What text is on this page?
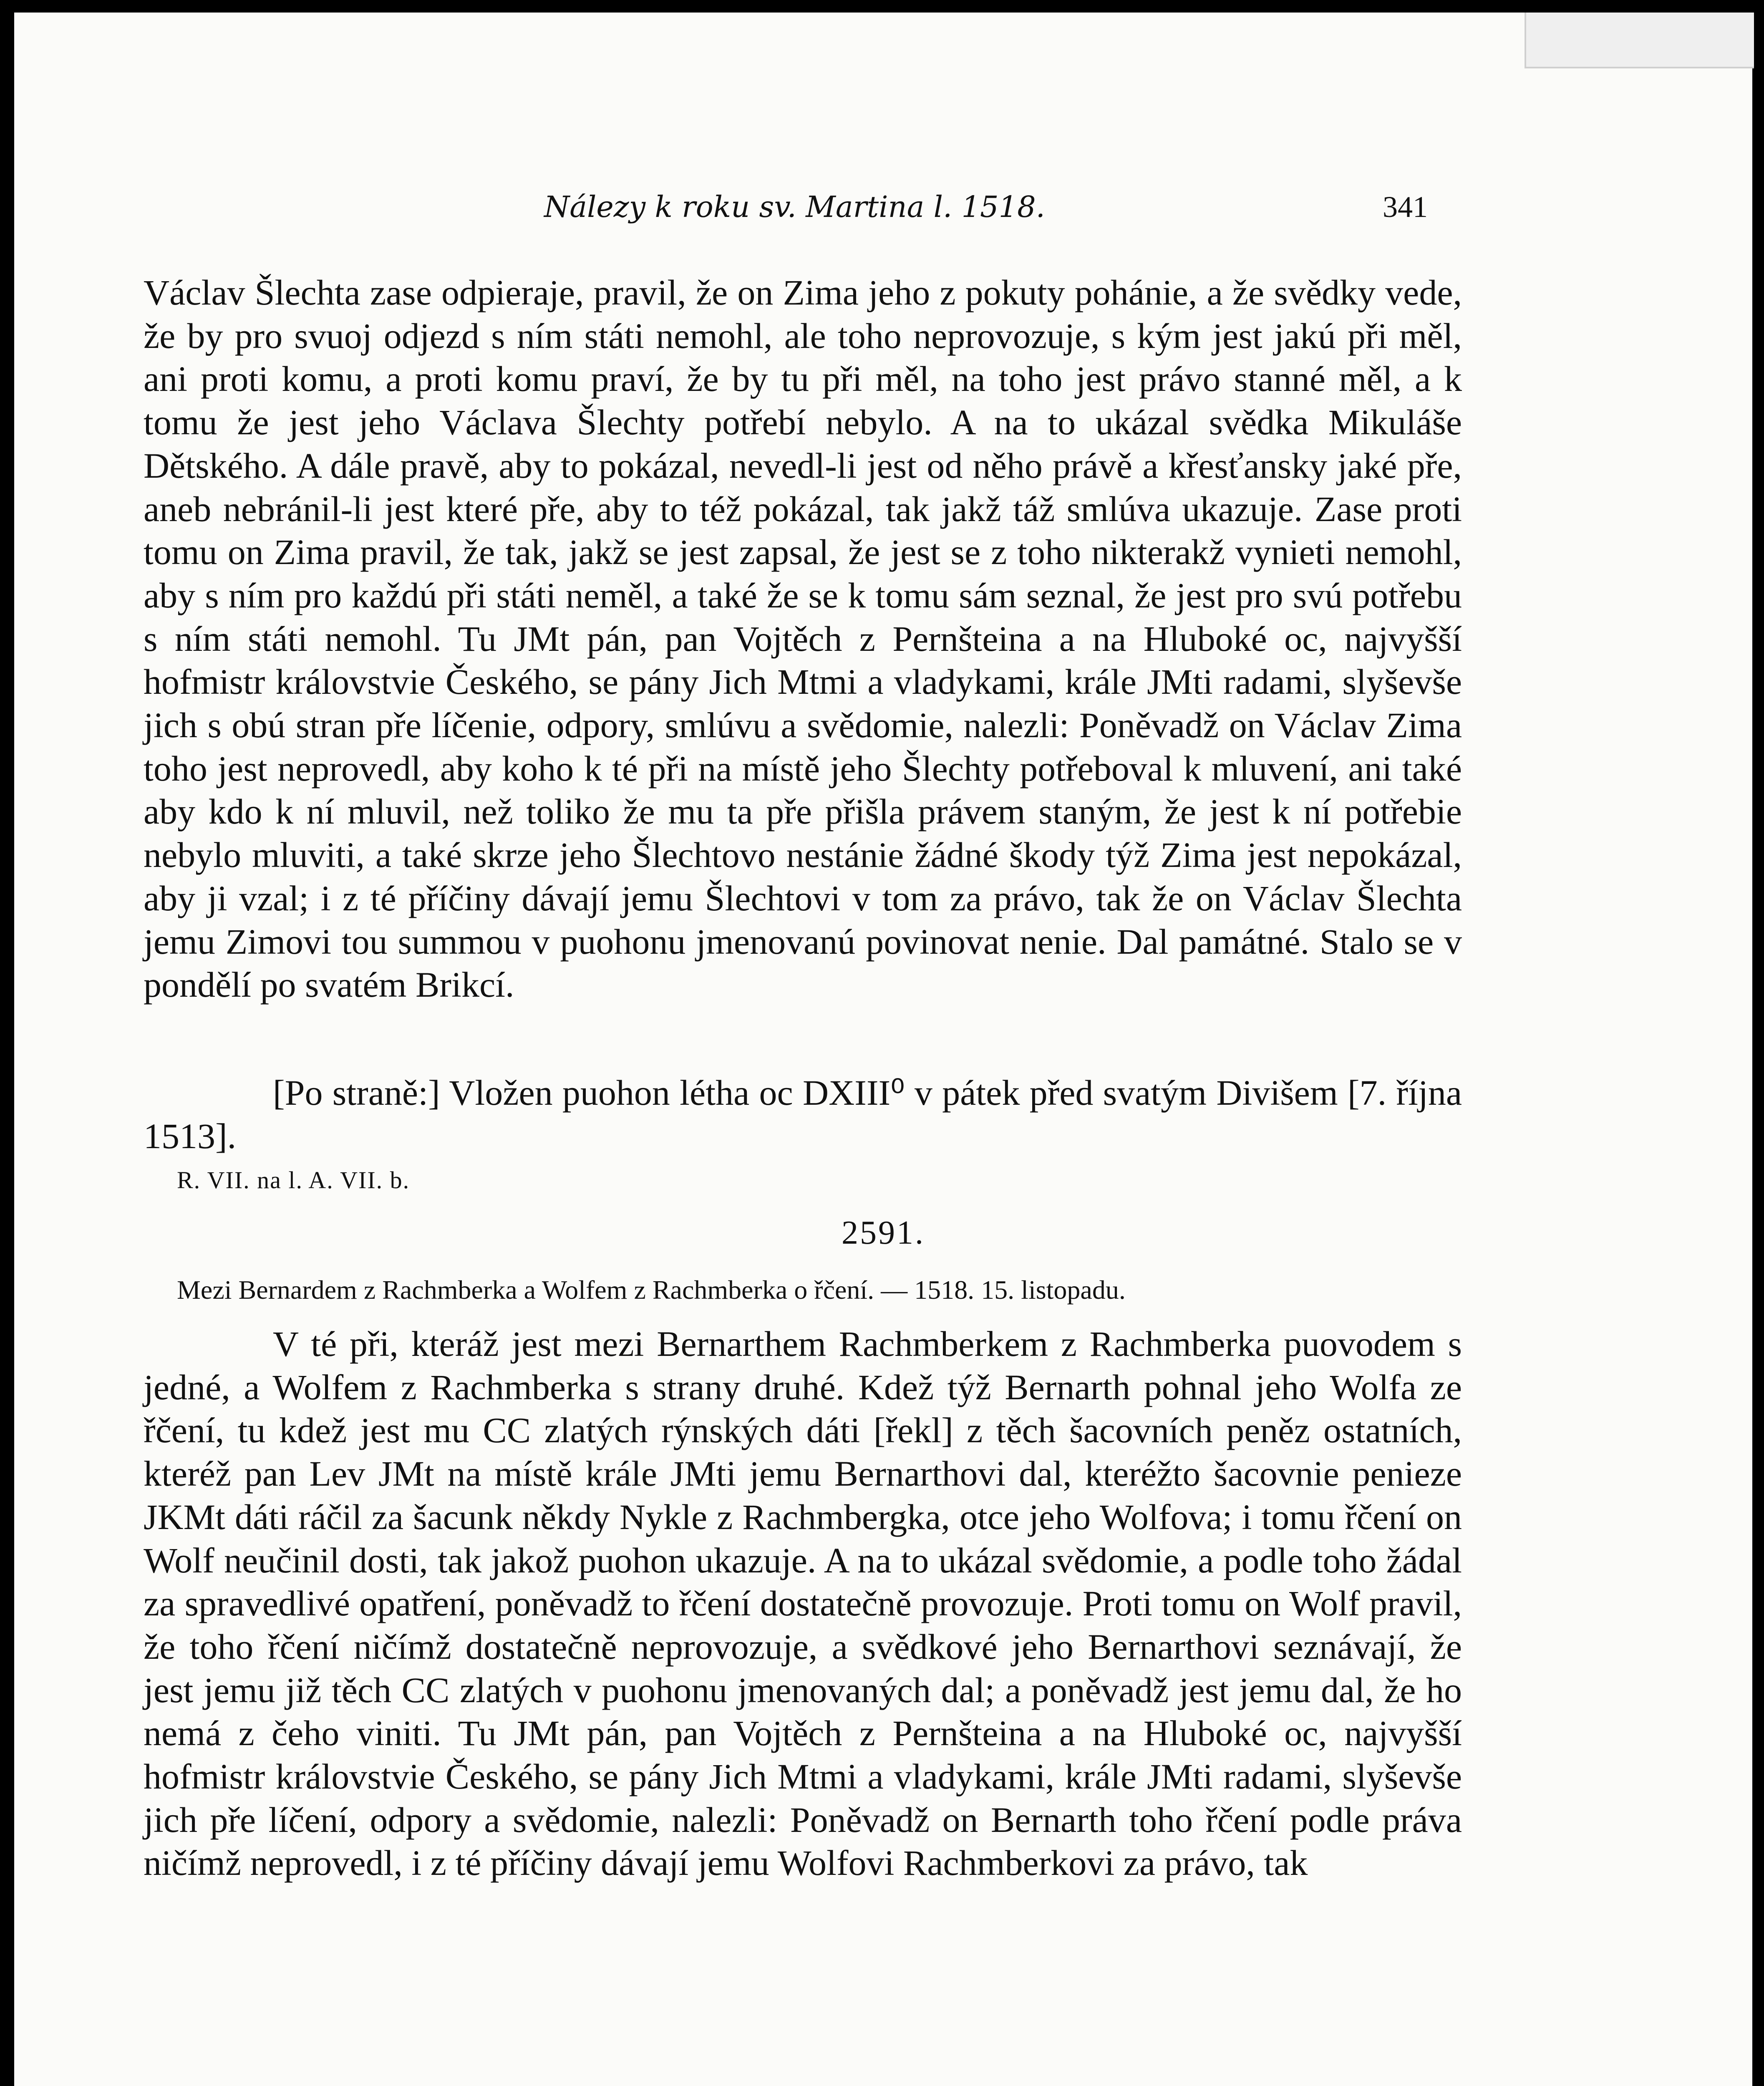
Nálezy k roku sv. Martina l. 1518.	341

Václav Šlechta zase odpieraje, pravil, že on Zima jeho z pokuty pohánie, a že svědky vede, že by pro svuoj odjezd s ním státi nemohl, ale toho neprovozuje, s kým jest jakú při měl, ani proti komu, a proti komu praví, že by tu při měl, na toho jest právo stanné měl, a k tomu že jest jeho Václava Šlechty potřebí nebylo. A na to ukázal svědka Mikuláše Dětského. A dále pravě, aby to pokázal, nevedl-li jest od něho právě a křesťansky jaké pře, aneb nebránil-li jest které pře, aby to též pokázal, tak jakž táž smlúva ukazuje. Zase proti tomu on Zima pravil, že tak, jakž se jest zapsal, že jest se z toho nikterakž vynieti nemohl, aby s ním pro každú při státi neměl, a také že se k tomu sám seznal, že jest pro svú potřebu s ním státi nemohl. Tu JMt pán, pan Vojtěch z Pernšteina a na Hluboké oc, najvyšší hofmistr královstvie Českého, se pány Jich Mtmi a vladykami, krále JMti radami, slyševše jich s obú stran pře líčenie, odpory, smlúvu a svědomie, nalezli: Poněvadž on Václav Zima toho jest neprovedl, aby koho k té při na místě jeho Šlechty potřeboval k mluvení, ani také aby kdo k ní mluvil, než toliko že mu ta pře přišla právem staným, že jest k ní potřebie nebylo mluviti, a také skrze jeho Šlechtovo nestánie žádné škody týž Zima jest nepokázal, aby ji vzal; i z té příčiny dávají jemu Šlechtovi v tom za právo, tak že on Václav Šlechta jemu Zimovi tou summou v puohonu jmenovanú povinovat nenie. Dal památné. Stalo se v pondělí po svatém Brikcí.

[Po straně:] Vložen puohon létha oc DXIII⁰ v pátek před svatým Divišem [7. října 1513].

R. VII. na l. A. VII. b.
2591.
Mezi Bernardem z Rachmberka a Wolfem z Rachmberka o řčení. — 1518. 15. listopadu.

V té při, kteráž jest mezi Bernarthem Rachmberkem z Rachmberka puovodem s jedné, a Wolfem z Rachmberka s strany druhé. Kdež týž Bernarth pohnal jeho Wolfa ze řčení, tu kdež jest mu CC zlatých rýnských dáti [řekl] z těch šacovních peněz ostatních, kteréž pan Lev JMt na místě krále JMti jemu Bernarthovi dal, kteréžto šacovnie penieze JKMt dáti ráčil za šacunk někdy Nykle z Rachmbergka, otce jeho Wolfova; i tomu řčení on Wolf neučinil dosti, tak jakož puohon ukazuje. A na to ukázal svědomie, a podle toho žádal za spravedlivé opatření, poněvadž to řčení dostatečně provozuje. Proti tomu on Wolf pravil, že toho řčení ničímž dostatečně neprovozuje, a svědkové jeho Bernarthovi seznávají, že jest jemu již těch CC zlatých v puohonu jmenovaných dal; a poněvadž jest jemu dal, že ho nemá z čeho viniti. Tu JMt pán, pan Vojtěch z Pernšteina a na Hluboké oc, najvyšší hofmistr královstvie Českého, se pány Jich Mtmi a vladykami, krále JMti radami, slyševše jich pře líčení, odpory a svědomie, nalezli: Poněvadž on Bernarth toho řčení podle práva ničímž neprovedl, i z té příčiny dávají jemu Wolfovi Rachmberkovi za právo, tak
